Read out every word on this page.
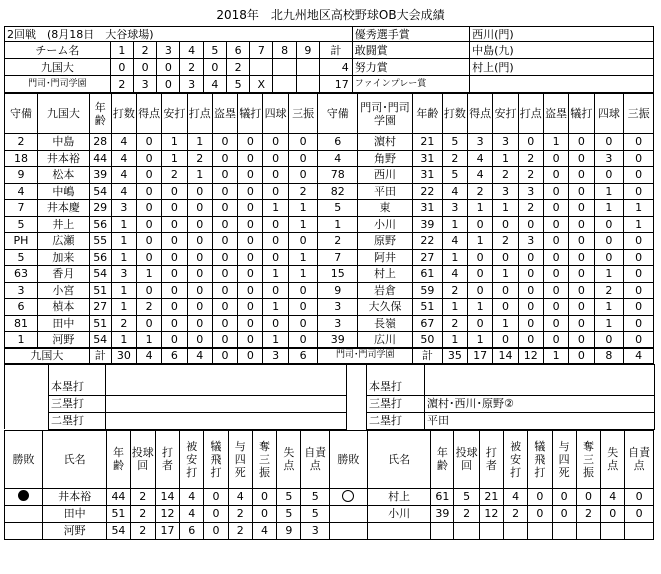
2018年　北九州地区高校野球OB大会成績
2回戦　 (8月18日　 大谷球場)											優秀選手賞	西川(門)
チーム名	1	2	3	4	5	6	7	8	9	計	敢闘賞	中島(九)
九国大	0	0	0	2	0	2				4	努力賞	村上(門)
門司･門司学園	2	3	0	3	4	5	X			17	ファインプレー賞	
守備	九国大	年齢	打数	得点	安打	打点	盗塁	犠打	四球	三振	守備	門司･門司学園	年齢	打数	得点	安打	打点	盗塁	犠打	四球	三振
2	中島	28	4	0	1	1	0	0	0	0	6	濵村	21	5	3	3	0	1	0	0	0
18	井本裕	44	4	0	1	2	0	0	0	0	4	角野	31	2	4	1	2	0	0	3	0
9	松本	39	4	0	2	1	0	0	0	0	78	西川	31	5	4	2	2	0	0	0	0
4	中嶋	54	4	0	0	0	0	0	0	2	82	平田	22	4	2	3	3	0	0	1	0
7	井本慶	29	3	0	0	0	0	0	1	1	5	東	31	3	1	1	2	0	0	1	1
5	井上	56	1	0	0	0	0	0	0	1	1	小川	39	1	0	0	0	0	0	0	1
PH	広瀬	55	1	0	0	0	0	0	0	0	2	原野	22	4	1	2	3	0	0	0	0
5	加来	56	1	0	0	0	0	0	0	1	7	阿井	27	1	0	0	0	0	0	0	0
63	香月	54	3	1	0	0	0	0	1	1	15	村上	61	4	0	1	0	0	0	1	0
3	小宮	51	1	0	0	0	0	0	0	0	9	岩倉	59	2	0	0	0	0	0	2	0
6	楨本	27	1	2	0	0	0	0	1	0	3	大久保	51	1	1	0	0	0	0	1	0
81	田中	51	2	0	0	0	0	0	0	0	3	長嶺	67	2	0	1	0	0	0	1	0
1	河野	54	1	1	0	0	0	0	1	0	39	広川	50	1	1	0	0	0	0	0	0
九国大		計	30	4	6	4	0	0	3	6	門司･門司学園		計	35	17	14	12	1	0	8	4

	本塁打			本塁打	
	三塁打			三塁打	濵村･西川･原野②
	二塁打			二塁打	平田
勝敗	氏名	年齢	投球回	打者	被安打	犠飛打	与四死	奪三振	失点	自責点	勝敗	氏名	年齢	投球回	打者	被安打	犠飛打	与四死	奪三振	失点	自責点
	井本裕	44	2	14	4	0	4	0	5	5		村上	61	5	21	4	0	0	0	4	0
	田中	51	2	12	4	0	2	0	5	5		小川	39	2	12	2	0	0	2	0	0
	河野	54	2	17	6	0	2	4	9	3											
